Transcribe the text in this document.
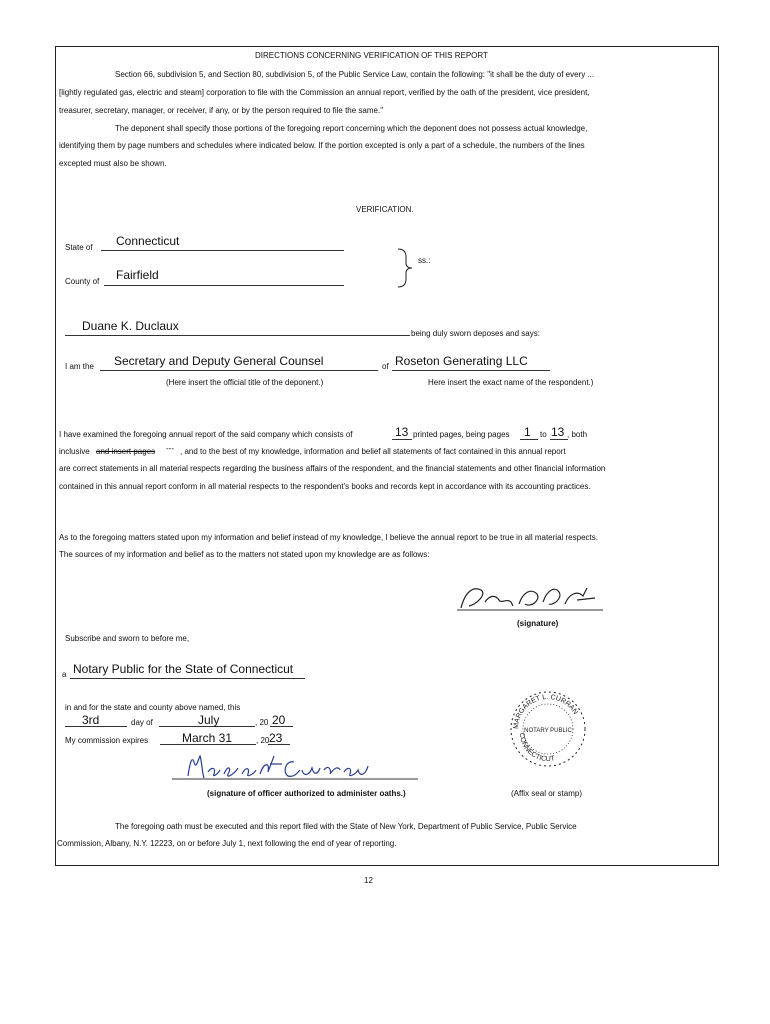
DIRECTIONS CONCERNING VERIFICATION OF THIS REPORT
Section 66, subdivision 5, and Section 80, subdivision 5, of the Public Service Law, contain the following: "it shall be the duty of every ...
[lightly regulated gas, electric and steam] corporation to file with the Commission an annual report, verified by the oath of the president, vice president,
treasurer, secretary, manager, or receiver, if any, or by the person required to file the same."
The deponent shall specify those portions of the foregoing report concerning which the deponent does not possess actual knowledge,
identifying them by page numbers and schedules where indicated below. If the portion excepted is only a part of a schedule, the numbers of the lines
excepted must also be shown.
VERIFICATION.
State of Connecticut
County of Fairfield
ss.:
Duane K. Duclaux
being duly sworn deposes and says:
I am the Secretary and Deputy General Counsel	of Roseton Generating LLC
(Here insert the official title of the deponent.)	Here insert the exact name of the respondent.)
I have examined the foregoing annual report of the said company which consists of	13 printed pages, being pages 1 to 13 , both
inclusive and insert pages --- , and to the best of my knowledge, information and belief all statements of fact contained in this annual report
are correct statements in all material respects regarding the business affairs of the respondent, and the financial statements and other financial information
contained in this annual report conform in all material respects to the respondent's books and records kept in accordance with its accounting practices.
As to the foregoing matters stated upon my information and belief instead of my knowledge, I believe the annual report to be true in all material respects.
The sources of my information and belief as to the matters not stated upon my knowledge are as follows:
(signature)
Subscribe and sworn to before me,
a Notary Public for the State of Connecticut
in and for the state and county above named, this
3rd	day of	July	, 20 20
My commission expires	March 31	, 20 23
(signature of officer authorized to administer oaths.)
MARGARET L. CURRAN
CONNECTICUT
NOTARY PUBLIC
(Affix seal or stamp)
The foregoing oath must be executed and this report filed with the State of New York, Department of Public Service, Public Service
Commission, Albany, N.Y. 12223, on or before July 1, next following the end of year of reporting.
12
